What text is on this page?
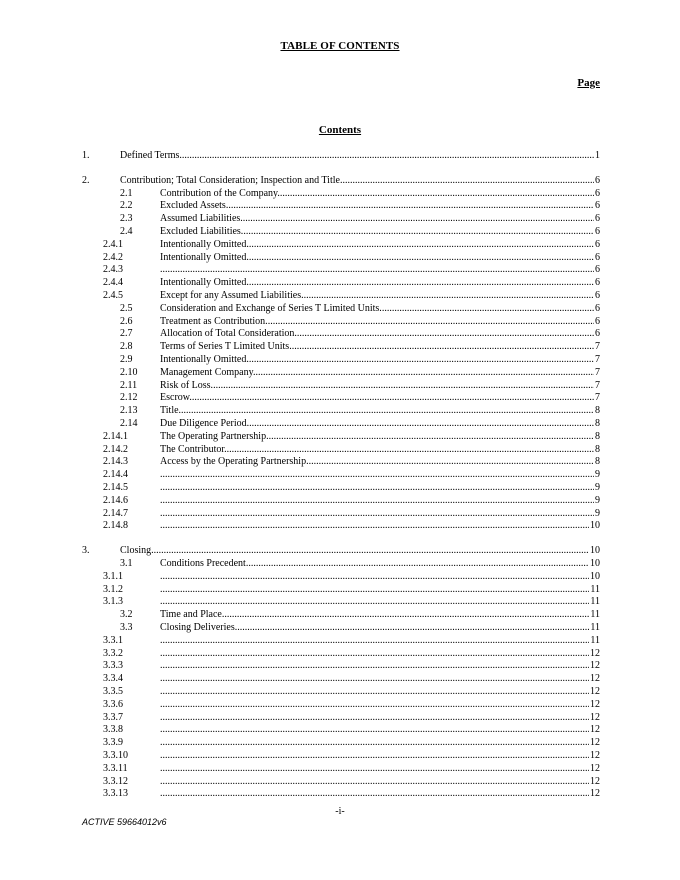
TABLE OF CONTENTS
Page
Contents
1.	Defined Terms. .....	1
2.	Contribution; Total Consideration; Inspection and Title. .....	6
2.1	Contribution of the Company. .....	6
2.2	Excluded Assets. .....	6
2.3	Assumed Liabilities. .....	6
2.4	Excluded Liabilities. .....	6
2.4.1	Intentionally Omitted. .....	6
2.4.2	Intentionally Omitted. .....	6
2.4.3 .....	6
2.4.4	Intentionally Omitted. .....	6
2.4.5	Except for any Assumed Liabilities. .....	6
2.5	Consideration and Exchange of Series T Limited Units. .....	6
2.6	Treatment as Contribution. .....	6
2.7	Allocation of Total Consideration. .....	6
2.8	Terms of Series T Limited Units. .....	7
2.9	Intentionally Omitted. .....	7
2.10 Management Company. .....	7
2.11 Risk of Loss. .....	7
2.12 Escrow. .....	7
2.13 Title. .....	8
2.14 Due Diligence Period. .....	8
2.14.1	The Operating Partnership. .....	8
2.14.2	The Contributor. .....	8
2.14.3	Access by the Operating Partnership. .....	8
2.14.4 .....	9
2.14.5 .....	9
2.14.6 .....	9
2.14.7 .....	9
2.14.8 .....	10
3.	Closing. .....	10
3.1	Conditions Precedent. .....	10
3.1.1 .....	10
3.1.2 .....	11
3.1.3 .....	11
3.2	Time and Place. .....	11
3.3	Closing Deliveries. .....	11
3.3.1 .....	11
3.3.2 .....	12
3.3.3 .....	12
3.3.4 .....	12
3.3.5 .....	12
3.3.6 .....	12
3.3.7 .....	12
3.3.8 .....	12
3.3.9 .....	12
3.3.10 .....	12
3.3.11 .....	12
3.3.12 .....	12
3.3.13 .....	12
-i-
ACTIVE 59664012v6
